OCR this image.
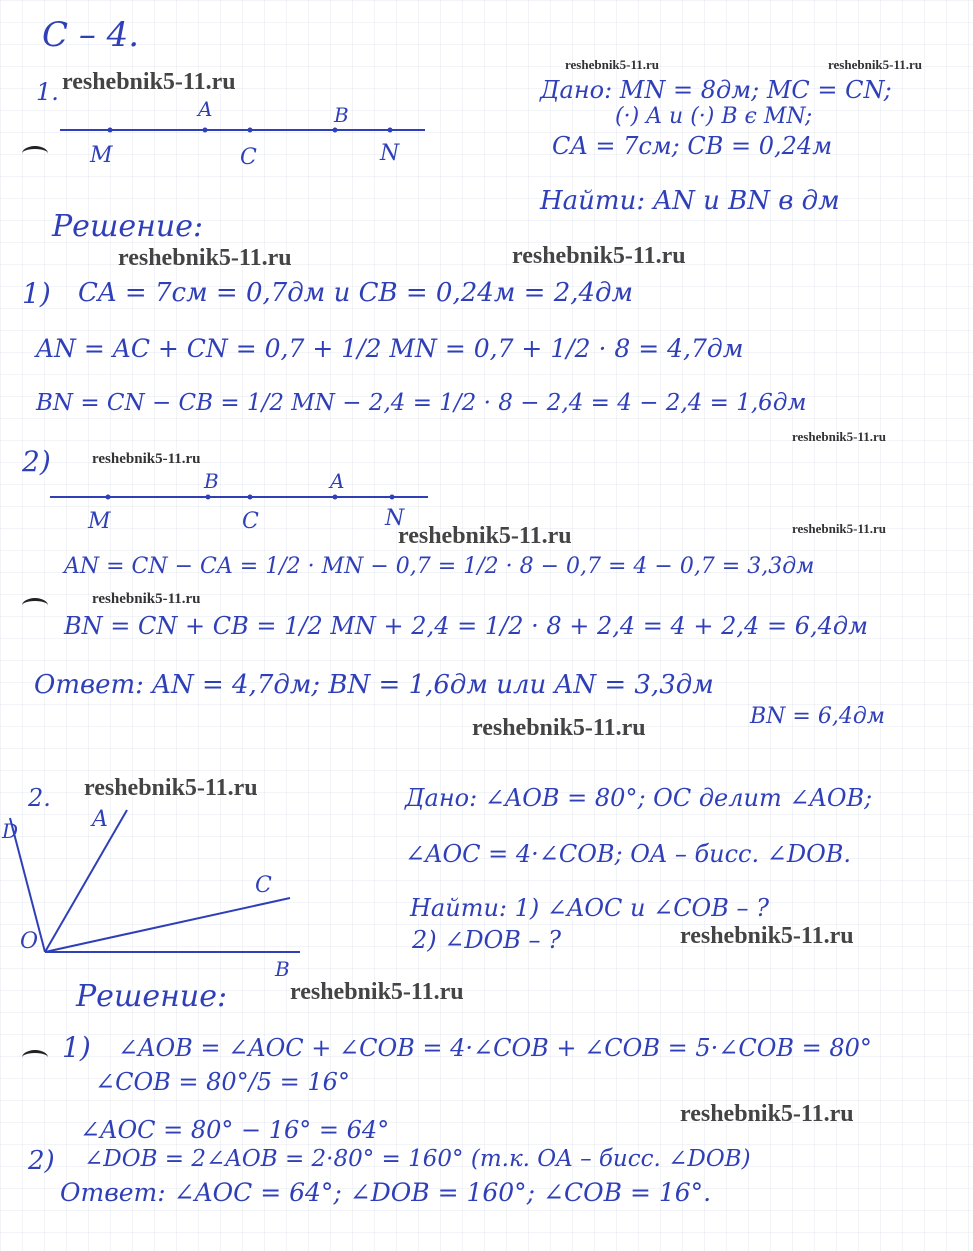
С – 4.
1. reshebnik5-11.ru
reshebnik5-11.ru	reshebnik5-11.ru
M
A
C
B
N
M
B
C
A
N
D	A
C
O
B
Дано: MN = 8дм; MC = CN;
(·) A и (·) B є MN;
CA = 7см; CB = 0,24м
Найти: AN и BN в дм
Решение:
reshebnik5-11.ru	reshebnik5-11.ru
1) CA = 7см = 0,7дм и CB = 0,24м = 2,4дм
AN = AC + CN = 0,7 + 1/2 MN = 0,7 + 1/2 · 8 = 4,7дм
BN = CN − CB = 1/2 MN − 2,4 = 1/2 · 8 − 2,4 = 4 − 2,4 = 1,6дм
reshebnik5-11.ru
2)	reshebnik5-11.ru
reshebnik5-11.ru	reshebnik5-11.ru
AN = CN − CA = 1/2 · MN − 0,7 = 1/2 · 8 − 0,7 = 4 − 0,7 = 3,3дм
reshebnik5-11.ru
BN = CN + CB = 1/2 MN + 2,4 = 1/2 · 8 + 2,4 = 4 + 2,4 = 6,4дм
Ответ: AN = 4,7дм; BN = 1,6дм или AN = 3,3дм
BN = 6,4дм
reshebnik5-11.ru
2. reshebnik5-11.ru	Дано: ∠AOB = 80°; OC делит ∠AOB;
∠AOC = 4·∠COB; OA – бисс. ∠DOB.
Найти: 1) ∠AOC и ∠COB – ?
2) ∠DOB – ?	reshebnik5-11.ru
Решение:	reshebnik5-11.ru
1) ∠AOB = ∠AOC + ∠COB = 4·∠COB + ∠COB = 5·∠COB = 80°
∠COB = 80°/5 = 16°
reshebnik5-11.ru
∠AOC = 80° − 16° = 64°
2) ∠DOB = 2∠AOB = 2·80° = 160° (т.к. OA – бисс. ∠DOB)
Ответ: ∠AOC = 64°; ∠DOB = 160°; ∠COB = 16°.
